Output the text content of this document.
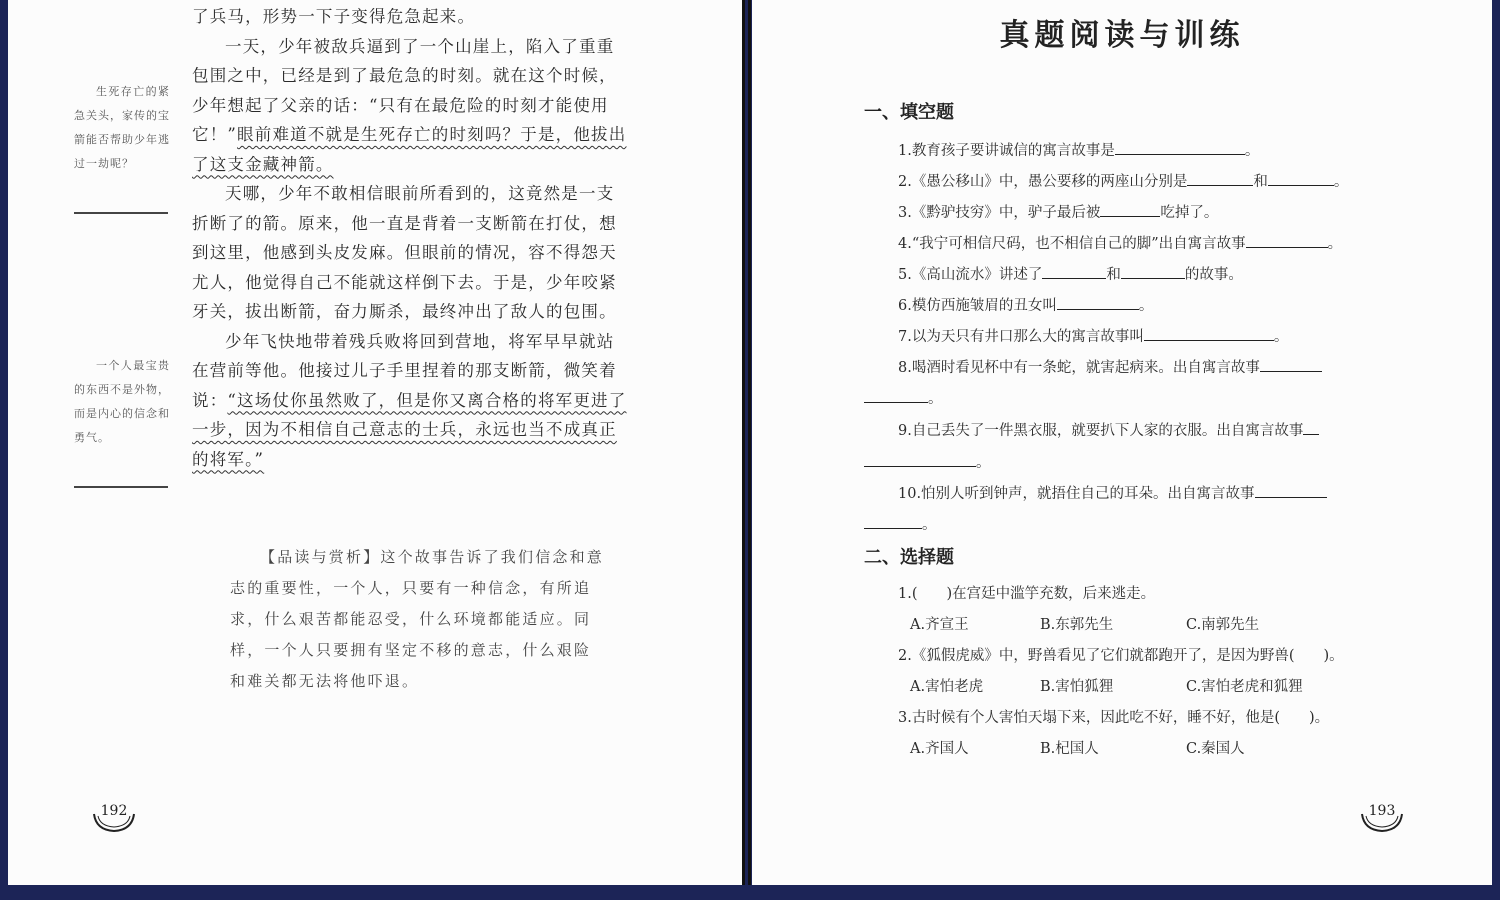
了兵马，形势一下子变得危急起来。

一天，少年被敌兵逼到了一个山崖上，陷入了重重包围之中，已经是到了最危急的时刻。就在这个时候，少年想起了父亲的话：“只有在最危险的时刻才能使用它！”眼前难道不就是生死存亡的时刻吗？于是，他拔出了这支金藏神箭。

天哪，少年不敢相信眼前所看到的，这竟然是一支折断了的箭。原来，他一直是背着一支断箭在打仗，想到这里，他感到头皮发麻。但眼前的情况，容不得怨天尤人，他觉得自己不能就这样倒下去。于是，少年咬紧牙关，拔出断箭，奋力厮杀，最终冲出了敌人的包围。

少年飞快地带着残兵败将回到营地，将军早早就站在营前等他。他接过儿子手里捏着的那支断箭，微笑着说：“这场仗你虽然败了，但是你又离合格的将军更进了一步，因为不相信自己意志的士兵，永远也当不成真正的将军。”

生死存亡的紧急关头，家传的宝箭能否帮助少年逃过一劫呢？
一个人最宝贵的东西不是外物，而是内心的信念和勇气。

【品读与赏析】这个故事告诉了我们信念和意志的重要性，一个人，只要有一种信念，有所追求，什么艰苦都能忍受，什么环境都能适应。同样，一个人只要拥有坚定不移的意志，什么艰险和难关都无法将他吓退。

192
真题阅读与训练
一、填空题
1.教育孩子要讲诚信的寓言故事是	。
2.《愚公移山》中，愚公要移的两座山分别是	和	。
3.《黔驴技穷》中，驴子最后被	吃掉了。
4.“我宁可相信尺码，也不相信自己的脚”出自寓言故事	。
5.《高山流水》讲述了	和	的故事。
6.模仿西施皱眉的丑女叫	。
7.以为天只有井口那么大的寓言故事叫	。
8.喝酒时看见杯中有一条蛇，就害起病来。出自寓言故事
。
9.自己丢失了一件黑衣服，就要扒下人家的衣服。出自寓言故事
。
10.怕别人听到钟声，就捂住自己的耳朵。出自寓言故事
。
二、选择题
1.(　　)在宫廷中滥竽充数，后来逃走。
A.齐宣王	B.东郭先生	C.南郭先生
2.《狐假虎威》中，野兽看见了它们就都跑开了，是因为野兽(　　)。
A.害怕老虎	B.害怕狐狸	C.害怕老虎和狐狸
3.古时候有个人害怕天塌下来，因此吃不好，睡不好，他是(　　)。
A.齐国人	B.杞国人	C.秦国人
193
